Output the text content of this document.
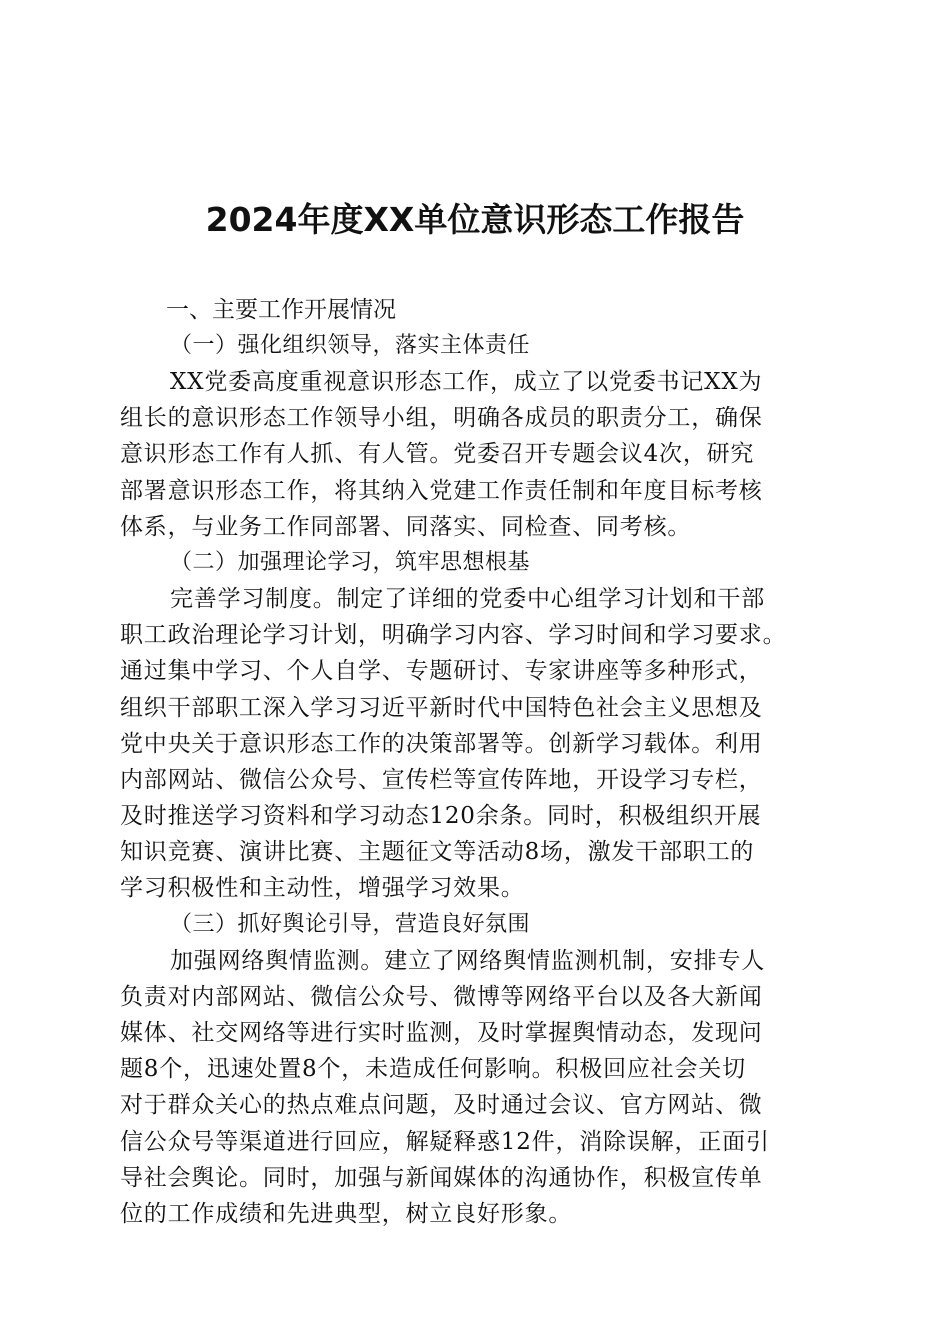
2024年度XX单位意识形态工作报告
一、主要工作开展情况
（一）强化组织领导，落实主体责任
XX党委高度重视意识形态工作，成立了以党委书记XX为
组长的意识形态工作领导小组，明确各成员的职责分工，确保
意识形态工作有人抓、有人管。党委召开专题会议4次，研究
部署意识形态工作，将其纳入党建工作责任制和年度目标考核
体系，与业务工作同部署、同落实、同检查、同考核。
（二）加强理论学习，筑牢思想根基
完善学习制度。制定了详细的党委中心组学习计划和干部
职工政治理论学习计划，明确学习内容、学习时间和学习要求。
通过集中学习、个人自学、专题研讨、专家讲座等多种形式，
组织干部职工深入学习习近平新时代中国特色社会主义思想及
党中央关于意识形态工作的决策部署等。创新学习载体。利用
内部网站、微信公众号、宣传栏等宣传阵地，开设学习专栏，
及时推送学习资料和学习动态120余条。同时，积极组织开展
知识竞赛、演讲比赛、主题征文等活动8场，激发干部职工的
学习积极性和主动性，增强学习效果。
（三）抓好舆论引导，营造良好氛围
加强网络舆情监测。建立了网络舆情监测机制，安排专人
负责对内部网站、微信公众号、微博等网络平台以及各大新闻
媒体、社交网络等进行实时监测，及时掌握舆情动态，发现问
题8个，迅速处置8个，未造成任何影响。积极回应社会关切
对于群众关心的热点难点问题，及时通过会议、官方网站、微
信公众号等渠道进行回应，解疑释惑12件，消除误解，正面引
导社会舆论。同时，加强与新闻媒体的沟通协作，积极宣传单
位的工作成绩和先进典型，树立良好形象。
